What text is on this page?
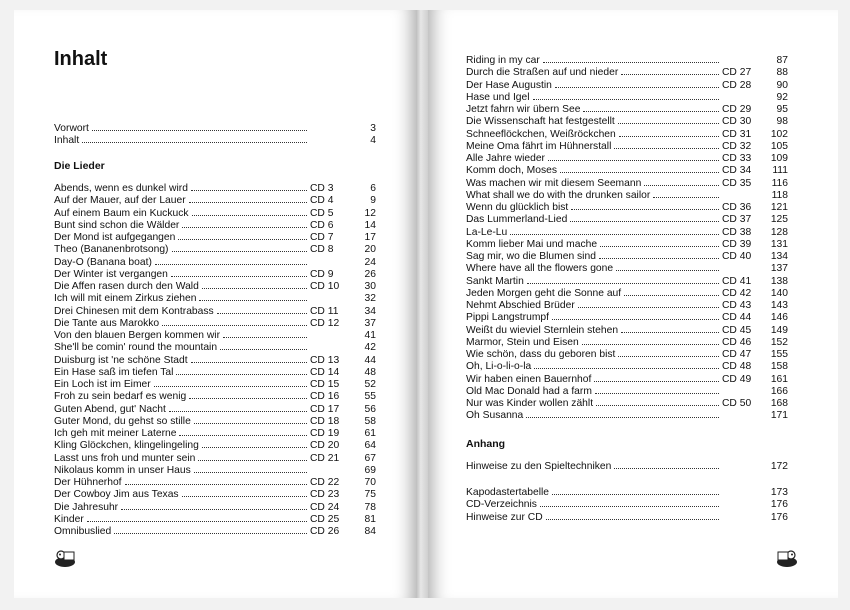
Inhalt
Vorwort	3
Inhalt	4

Die Lieder

Abends, wenn es dunkel wird	CD 3	6
Auf der Mauer, auf der Lauer	CD 4	9
Auf einem Baum ein Kuckuck	CD 5	12
Bunt sind schon die Wälder	CD 6	14
Der Mond ist aufgegangen	CD 7	17
Theo (Bananenbrotsong)	CD 8	20
Day-O (Banana boat)	24
Der Winter ist vergangen	CD 9	26
Die Affen rasen durch den Wald	CD 10	30
Ich will mit einem Zirkus ziehen	32
Drei Chinesen mit dem Kontrabass	CD 11	34
Die Tante aus Marokko	CD 12	37
Von den blauen Bergen kommen wir	41
She'll be comin' round the mountain	42
Duisburg ist 'ne schöne Stadt	CD 13	44
Ein Hase saß im tiefen Tal	CD 14	48
Ein Loch ist im Eimer	CD 15	52
Froh zu sein bedarf es wenig	CD 16	55
Guten Abend, gut' Nacht	CD 17	56
Guter Mond, du gehst so stille	CD 18	58
Ich geh mit meiner Laterne	CD 19	61
Kling Glöckchen, klingelingeling	CD 20	64
Lasst uns froh und munter sein	CD 21	67
Nikolaus komm in unser Haus	69
Der Hühnerhof	CD 22	70
Der Cowboy Jim aus Texas	CD 23	75
Die Jahresuhr	CD 24	78
Kinder	CD 25	81
Omnibuslied	CD 26	84
Riding in my car	87
Durch die Straßen auf und nieder	CD 27	88
Der Hase Augustin	CD 28	90
Hase und Igel	92
Jetzt fahrn wir übern See	CD 29	95
Die Wissenschaft hat festgestellt	CD 30	98
Schneeflöckchen, Weißröckchen	CD 31	102
Meine Oma fährt im Hühnerstall	CD 32	105
Alle Jahre wieder	CD 33	109
Komm doch, Moses	CD 34	111
Was machen wir mit diesem Seemann	CD 35	116
What shall we do with the drunken sailor	118
Wenn du glücklich bist	CD 36	121
Das Lummerland-Lied	CD 37	125
La-Le-Lu	CD 38	128
Komm lieber Mai und mache	CD 39	131
Sag mir, wo die Blumen sind	CD 40	134
Where have all the flowers gone	137
Sankt Martin	CD 41	138
Jeden Morgen geht die Sonne auf	CD 42	140
Nehmt Abschied Brüder	CD 43	143
Pippi Langstrumpf	CD 44	146
Weißt du wieviel Sternlein stehen	CD 45	149
Marmor, Stein und Eisen	CD 46	152
Wie schön, dass du geboren bist	CD 47	155
Oh, Li-o-li-o-la	CD 48	158
Wir haben einen Bauernhof	CD 49	161
Old Mac Donald had a farm	166
Nur was Kinder wollen zählt	CD 50	168
Oh Susanna	171

Anhang

Hinweise zu den Spieltechniken	172
Kapodastertabelle	173
CD-Verzeichnis	176
Hinweise zur CD	176
